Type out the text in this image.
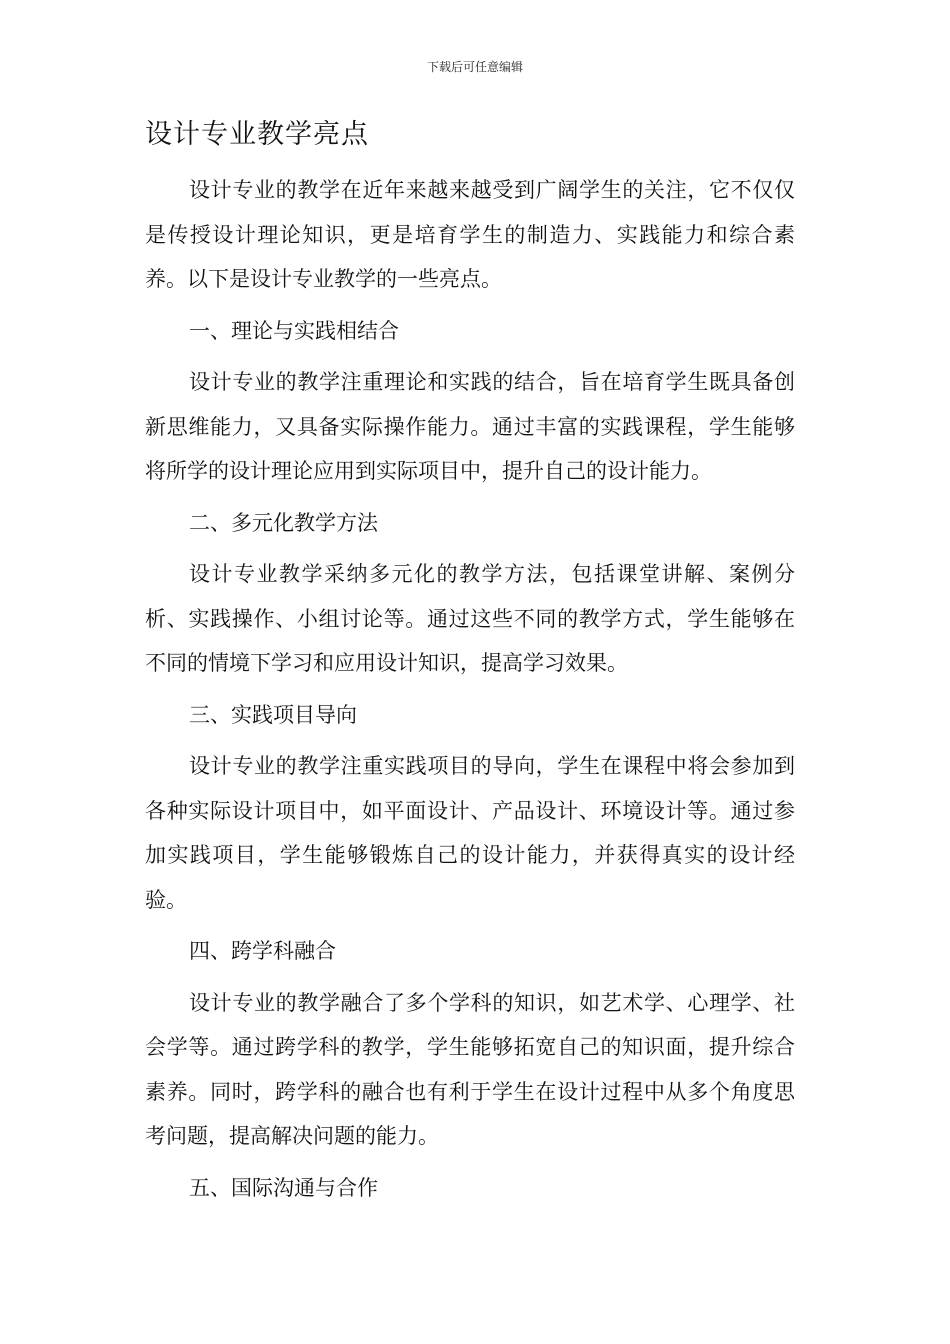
下载后可任意编辑
设计专业教学亮点

设计专业的教学在近年来越来越受到广阔学生的关注，它不仅仅是传授设计理论知识，更是培育学生的制造力、实践能力和综合素养。以下是设计专业教学的一些亮点。

一、理论与实践相结合

设计专业的教学注重理论和实践的结合，旨在培育学生既具备创新思维能力，又具备实际操作能力。通过丰富的实践课程，学生能够将所学的设计理论应用到实际项目中，提升自己的设计能力。

二、多元化教学方法

设计专业教学采纳多元化的教学方法，包括课堂讲解、案例分析、实践操作、小组讨论等。通过这些不同的教学方式，学生能够在不同的情境下学习和应用设计知识，提高学习效果。

三、实践项目导向

设计专业的教学注重实践项目的导向，学生在课程中将会参加到各种实际设计项目中，如平面设计、产品设计、环境设计等。通过参加实践项目，学生能够锻炼自己的设计能力，并获得真实的设计经验。

四、跨学科融合

设计专业的教学融合了多个学科的知识，如艺术学、心理学、社会学等。通过跨学科的教学，学生能够拓宽自己的知识面，提升综合素养。同时，跨学科的融合也有利于学生在设计过程中从多个角度思考问题，提高解决问题的能力。

五、国际沟通与合作
